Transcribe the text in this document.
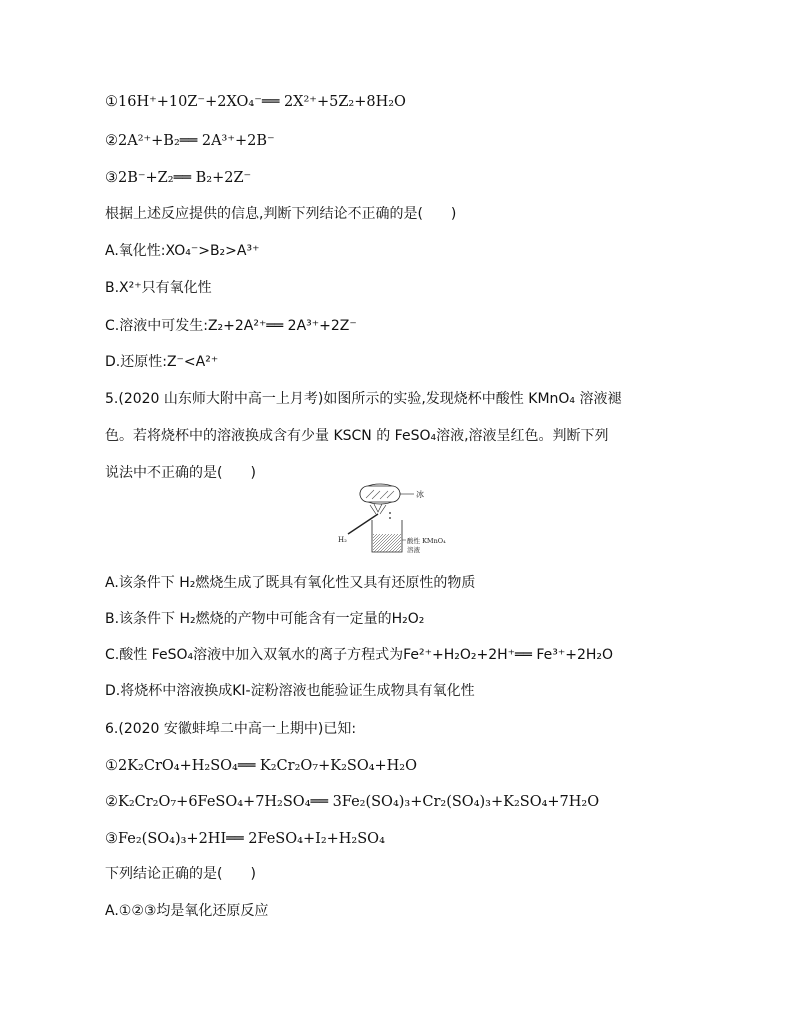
①16H⁺+10Z⁻+2XO₄⁻══ 2X²⁺+5Z₂+8H₂O
②2A²⁺+B₂══ 2A³⁺+2B⁻
③2B⁻+Z₂══ B₂+2Z⁻
根据上述反应提供的信息,判断下列结论不正确的是(　　)
A.氧化性:XO₄⁻>B₂>A³⁺
B.X²⁺只有氧化性
C.溶液中可发生:Z₂+2A²⁺══ 2A³⁺+2Z⁻
D.还原性:Z⁻<A²⁺
5.(2020 山东师大附中高一上月考)如图所示的实验,发现烧杯中酸性 KMnO₄ 溶液褪
色。若将烧杯中的溶液换成含有少量 KSCN 的 FeSO₄溶液,溶液呈红色。判断下列
说法中不正确的是(　　)
冰
H₂	酸性 KMnO₄
溶液
A.该条件下 H₂燃烧生成了既具有氧化性又具有还原性的物质
B.该条件下 H₂燃烧的产物中可能含有一定量的H₂O₂
C.酸性 FeSO₄溶液中加入双氧水的离子方程式为Fe²⁺+H₂O₂+2H⁺══ Fe³⁺+2H₂O
D.将烧杯中溶液换成KI-淀粉溶液也能验证生成物具有氧化性
6.(2020 安徽蚌埠二中高一上期中)已知:
①2K₂CrO₄+H₂SO₄══ K₂Cr₂O₇+K₂SO₄+H₂O
②K₂Cr₂O₇+6FeSO₄+7H₂SO₄══ 3Fe₂(SO₄)₃+Cr₂(SO₄)₃+K₂SO₄+7H₂O
③Fe₂(SO₄)₃+2HI══ 2FeSO₄+I₂+H₂SO₄
下列结论正确的是(　　)
A.①②③均是氧化还原反应
